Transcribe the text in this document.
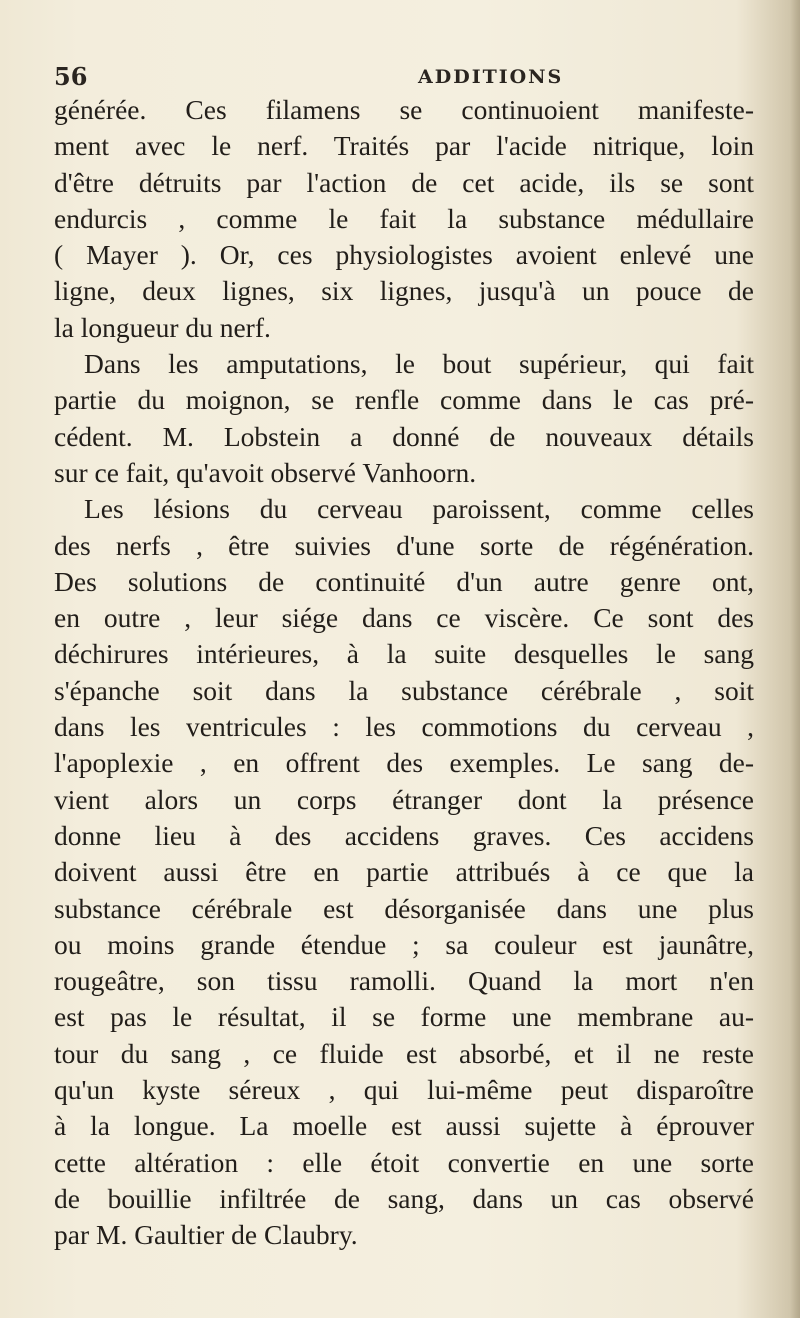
56	ADDITIONS
générée. Ces filamens se continuoient manifeste-
ment avec le nerf. Traités par l'acide nitrique, loin
d'être détruits par l'action de cet acide, ils se sont
endurcis , comme le fait la substance médullaire
( Mayer ). Or, ces physiologistes avoient enlevé une
ligne, deux lignes, six lignes, jusqu'à un pouce de
la longueur du nerf.
Dans les amputations, le bout supérieur, qui fait
partie du moignon, se renfle comme dans le cas pré-
cédent. M. Lobstein a donné de nouveaux détails
sur ce fait, qu'avoit observé Vanhoorn.
Les lésions du cerveau paroissent, comme celles
des nerfs , être suivies d'une sorte de régénération.
Des solutions de continuité d'un autre genre ont,
en outre , leur siége dans ce viscère. Ce sont des
déchirures intérieures, à la suite desquelles le sang
s'épanche soit dans la substance cérébrale , soit
dans les ventricules : les commotions du cerveau ,
l'apoplexie , en offrent des exemples. Le sang de-
vient alors un corps étranger dont la présence
donne lieu à des accidens graves. Ces accidens
doivent aussi être en partie attribués à ce que la
substance cérébrale est désorganisée dans une plus
ou moins grande étendue ; sa couleur est jaunâtre,
rougeâtre, son tissu ramolli. Quand la mort n'en
est pas le résultat, il se forme une membrane au-
tour du sang , ce fluide est absorbé, et il ne reste
qu'un kyste séreux , qui lui-même peut disparoître
à la longue. La moelle est aussi sujette à éprouver
cette altération : elle étoit convertie en une sorte
de bouillie infiltrée de sang, dans un cas observé
par M. Gaultier de Claubry.
